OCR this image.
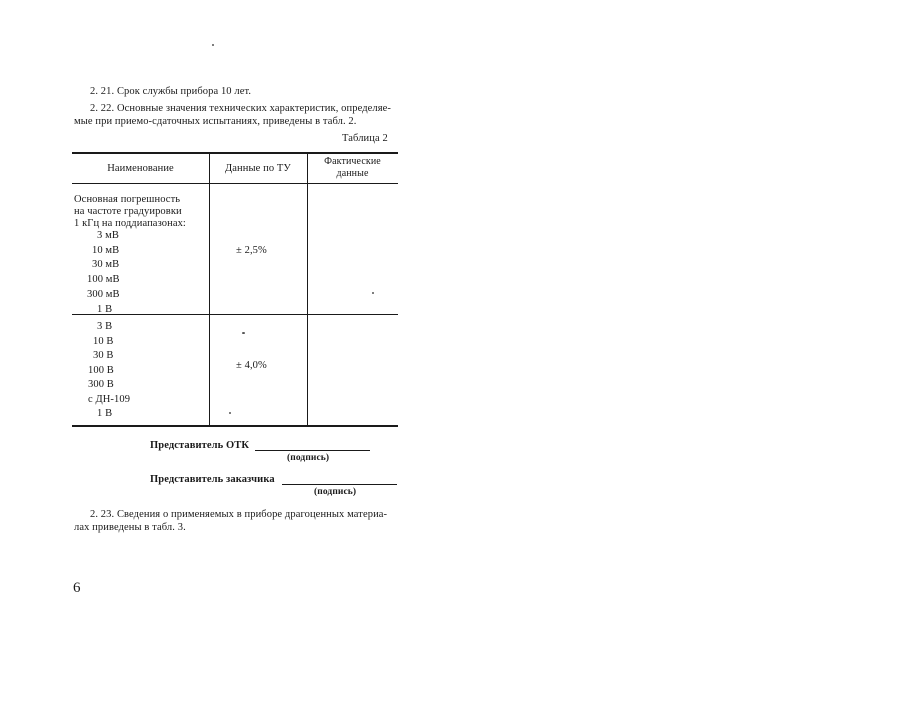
2. 21. Срок службы прибора 10 лет.
2. 22. Основные значения технических характеристик, определяе-
мые при приемо-сдаточных испытаниях, приведены в табл. 2.
Таблица 2
Наименование	Данные по ТУ
Фактические
данные
Основная погрешность
на частоте градуировки
1 кГц на поддиапазонах:
3 мВ
10 мВ
30 мВ
100 мВ
300 мВ
1 В
± 2,5%
3 В
10 В
30 В
100 В
300 В
с ДН-109
1 В
± 4,0%
Представитель ОТК
(подпись)
Представитель заказчика
(подпись)
2. 23. Сведения о применяемых в приборе драгоценных материа-
лах приведены в табл. 3.
6
